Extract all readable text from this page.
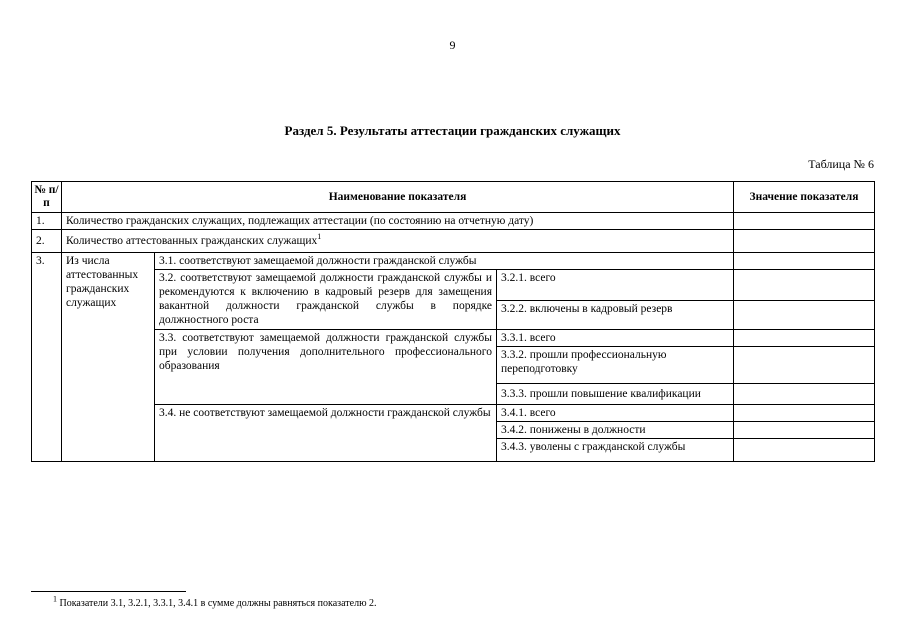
9
Раздел 5. Результаты аттестации гражданских служащих
Таблица № 6
№ п/п	Наименование показателя			Значение показателя
1.	Количество гражданских служащих, подлежащих аттестации (по состоянию на отчетную дату)			
2.	Количество аттестованных гражданских служащих$^1$	
3.	Из числа аттестованных гражданских служащих	3.1. соответствуют замещаемой должности гражданской службы		
		3.2. соответствуют замещаемой должности гражданской службы и рекомендуются к включению в кадровый резерв для замещения вакантной должности гражданской службы в порядке должностного роста	3.2.1. всего	
			3.2.2. включены в кадровый резерв	
		3.3. соответствуют замещаемой должности гражданской службы при условии получения дополнительного профессионального образования	3.3.1. всего	
			3.3.2. прошли профессиональную переподготовку	
			3.3.3. прошли повышение квалификации	
		3.4. не соответствуют замещаемой должности гражданской службы	3.4.1. всего	
			3.4.2. понижены в должности	
			3.4.3. уволены с гражданской службы	
$^1$ Показатели 3.1, 3.2.1, 3.3.1, 3.4.1 в сумме должны равняться показателю 2.
